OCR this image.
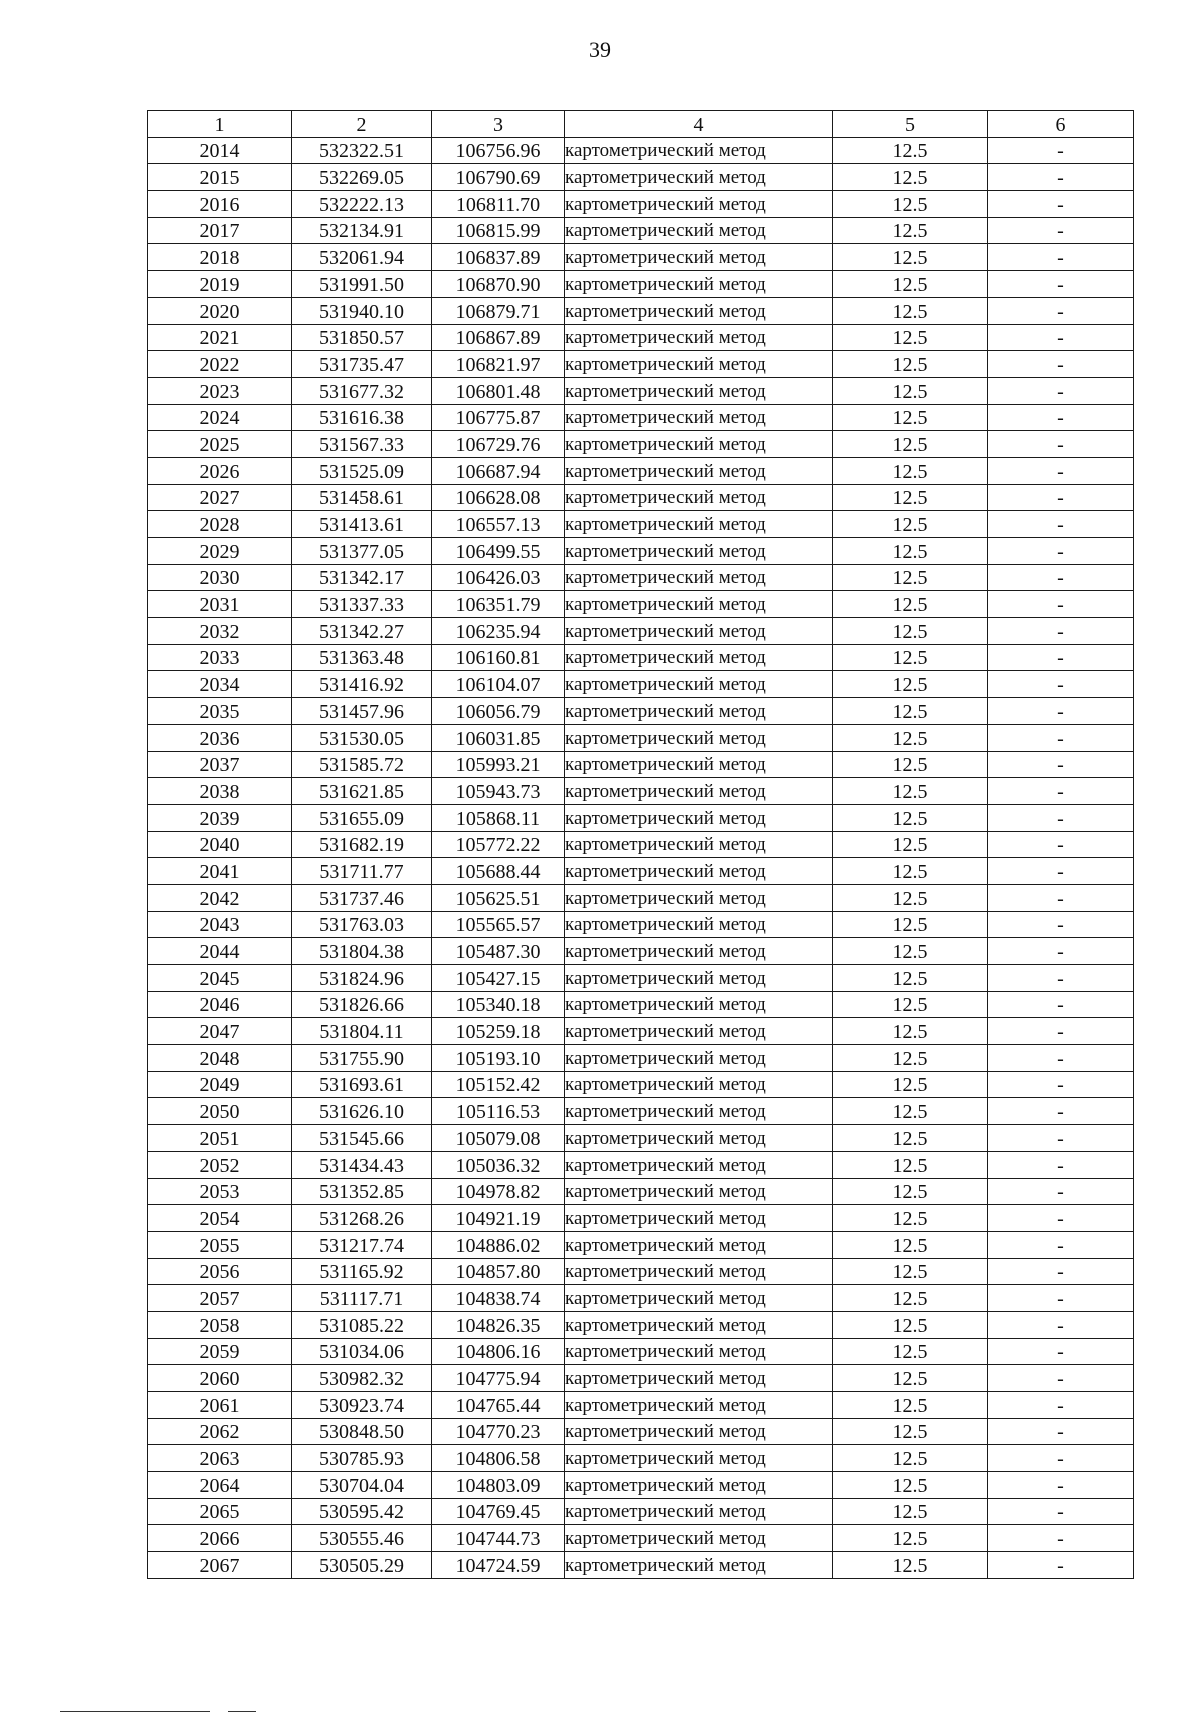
39
1	2	3	4	5	6
2014	532322.51	106756.96	картометрический метод	12.5	-
2015	532269.05	106790.69	картометрический метод	12.5	-
2016	532222.13	106811.70	картометрический метод	12.5	-
2017	532134.91	106815.99	картометрический метод	12.5	-
2018	532061.94	106837.89	картометрический метод	12.5	-
2019	531991.50	106870.90	картометрический метод	12.5	-
2020	531940.10	106879.71	картометрический метод	12.5	-
2021	531850.57	106867.89	картометрический метод	12.5	-
2022	531735.47	106821.97	картометрический метод	12.5	-
2023	531677.32	106801.48	картометрический метод	12.5	-
2024	531616.38	106775.87	картометрический метод	12.5	-
2025	531567.33	106729.76	картометрический метод	12.5	-
2026	531525.09	106687.94	картометрический метод	12.5	-
2027	531458.61	106628.08	картометрический метод	12.5	-
2028	531413.61	106557.13	картометрический метод	12.5	-
2029	531377.05	106499.55	картометрический метод	12.5	-
2030	531342.17	106426.03	картометрический метод	12.5	-
2031	531337.33	106351.79	картометрический метод	12.5	-
2032	531342.27	106235.94	картометрический метод	12.5	-
2033	531363.48	106160.81	картометрический метод	12.5	-
2034	531416.92	106104.07	картометрический метод	12.5	-
2035	531457.96	106056.79	картометрический метод	12.5	-
2036	531530.05	106031.85	картометрический метод	12.5	-
2037	531585.72	105993.21	картометрический метод	12.5	-
2038	531621.85	105943.73	картометрический метод	12.5	-
2039	531655.09	105868.11	картометрический метод	12.5	-
2040	531682.19	105772.22	картометрический метод	12.5	-
2041	531711.77	105688.44	картометрический метод	12.5	-
2042	531737.46	105625.51	картометрический метод	12.5	-
2043	531763.03	105565.57	картометрический метод	12.5	-
2044	531804.38	105487.30	картометрический метод	12.5	-
2045	531824.96	105427.15	картометрический метод	12.5	-
2046	531826.66	105340.18	картометрический метод	12.5	-
2047	531804.11	105259.18	картометрический метод	12.5	-
2048	531755.90	105193.10	картометрический метод	12.5	-
2049	531693.61	105152.42	картометрический метод	12.5	-
2050	531626.10	105116.53	картометрический метод	12.5	-
2051	531545.66	105079.08	картометрический метод	12.5	-
2052	531434.43	105036.32	картометрический метод	12.5	-
2053	531352.85	104978.82	картометрический метод	12.5	-
2054	531268.26	104921.19	картометрический метод	12.5	-
2055	531217.74	104886.02	картометрический метод	12.5	-
2056	531165.92	104857.80	картометрический метод	12.5	-
2057	531117.71	104838.74	картометрический метод	12.5	-
2058	531085.22	104826.35	картометрический метод	12.5	-
2059	531034.06	104806.16	картометрический метод	12.5	-
2060	530982.32	104775.94	картометрический метод	12.5	-
2061	530923.74	104765.44	картометрический метод	12.5	-
2062	530848.50	104770.23	картометрический метод	12.5	-
2063	530785.93	104806.58	картометрический метод	12.5	-
2064	530704.04	104803.09	картометрический метод	12.5	-
2065	530595.42	104769.45	картометрический метод	12.5	-
2066	530555.46	104744.73	картометрический метод	12.5	-
2067	530505.29	104724.59	картометрический метод	12.5	-
